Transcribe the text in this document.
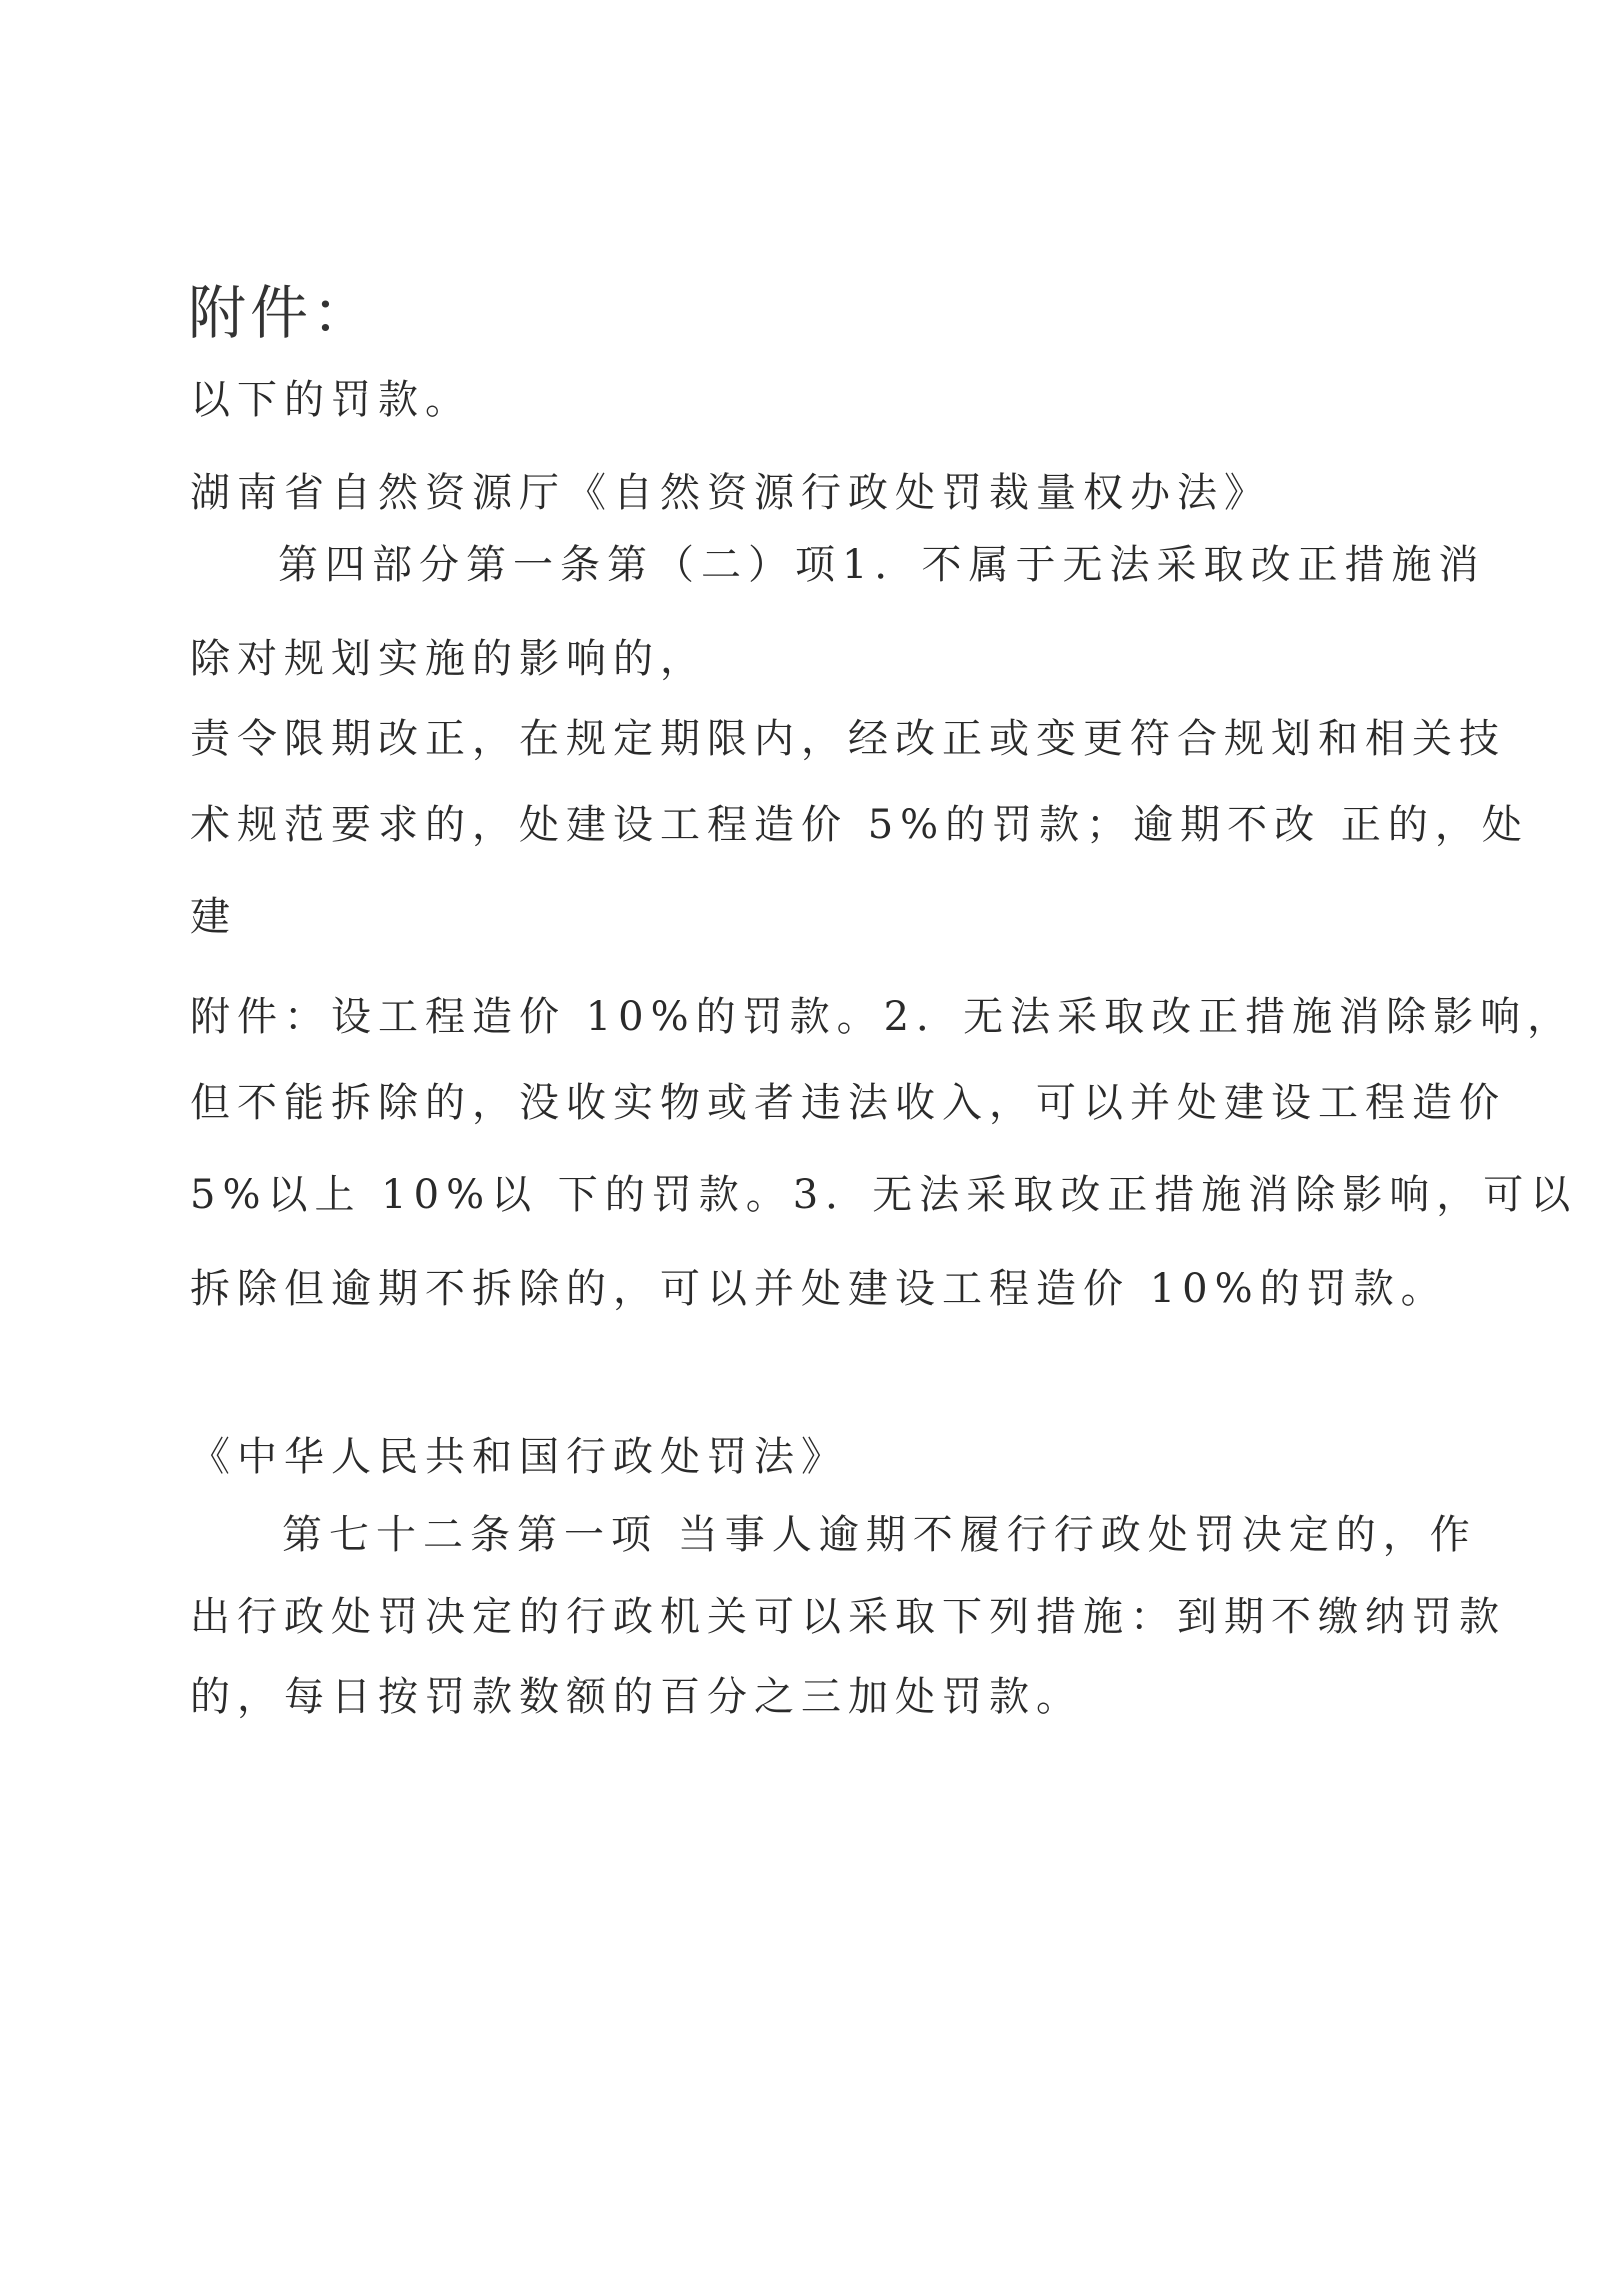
附件：
以下的罚款。
湖南省自然资源厅《自然资源行政处罚裁量权办法》
第四部分第一条第（二）项1．不属于无法采取改正措施消
除对规划实施的影响的，
责令限期改正，在规定期限内，经改正或变更符合规划和相关技
术规范要求的，处建设工程造价 5%的罚款；逾期不改 正的，处
建
附件：设工程造价 10%的罚款。2．无法采取改正措施消除影响，
但不能拆除的，没收实物或者违法收入，可以并处建设工程造价
5%以上 10%以 下的罚款。3．无法采取改正措施消除影响，可以
拆除但逾期不拆除的，可以并处建设工程造价 10%的罚款。
《中华人民共和国行政处罚法》
第七十二条第一项 当事人逾期不履行行政处罚决定的，作
出行政处罚决定的行政机关可以采取下列措施：到期不缴纳罚款
的，每日按罚款数额的百分之三加处罚款。
